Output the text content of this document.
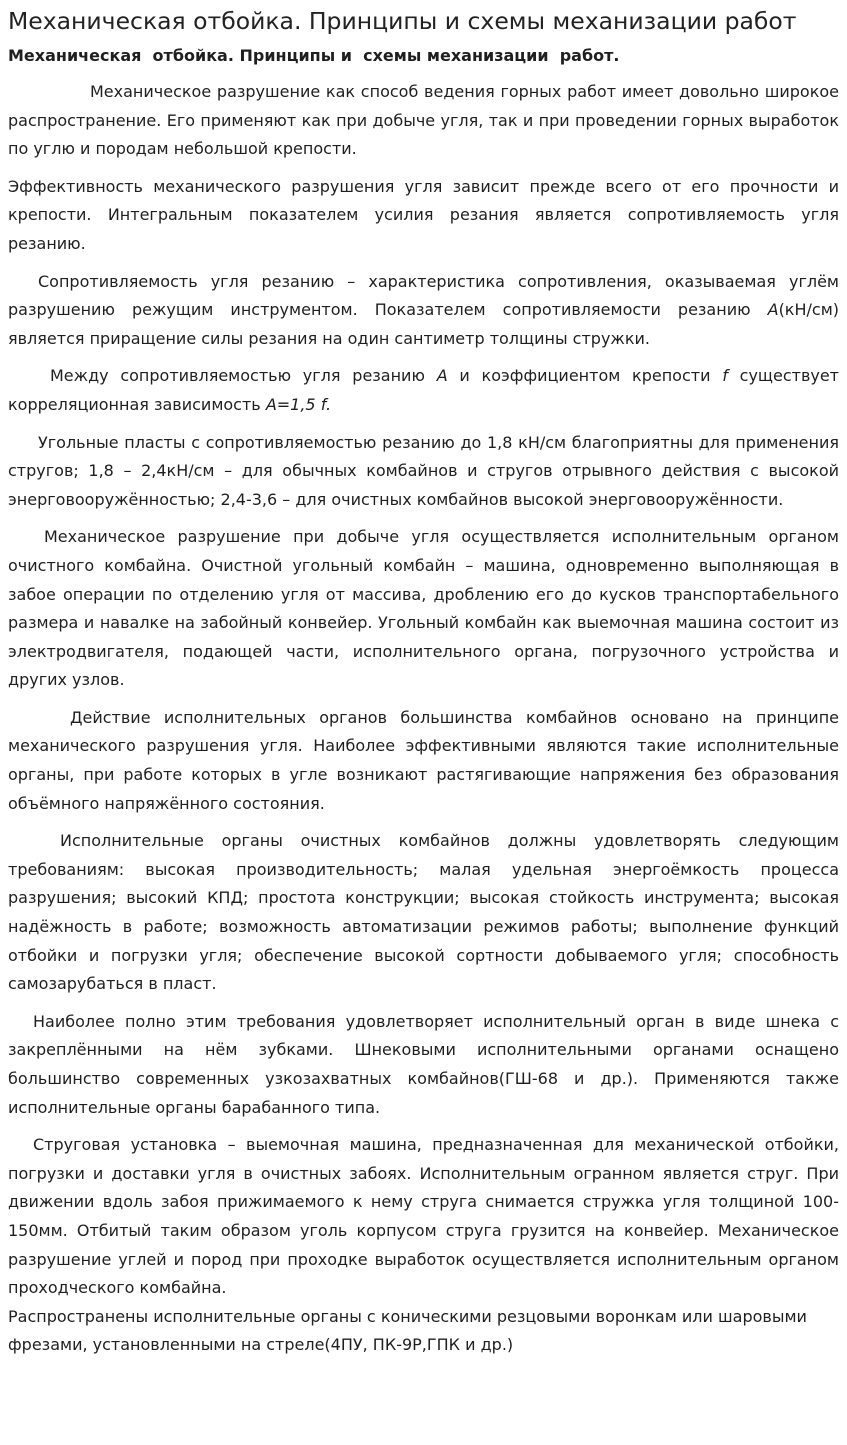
Механическая отбойка. Принципы и схемы механизации работ
Механическая  отбойка. Принципы и  схемы механизации  работ.

Механическое разрушение как способ ведения горных работ имеет довольно широкое распространение. Его применяют как при добыче угля, так и при проведении горных выработок по углю и породам небольшой крепости.

Эффективность механического разрушения угля зависит прежде всего от его прочности и крепости. Интегральным показателем усилия резания является сопротивляемость угля резанию.

Сопротивляемость угля резанию – характеристика сопротивления, оказываемая углём разрушению режущим инструментом. Показателем сопротивляемости резанию А(кН/см) является приращение силы резания на один сантиметр толщины стружки.

Между сопротивляемостью угля резанию А и коэффициентом крепости f существует корреляционная зависимость A=1,5 f.

Угольные пласты с сопротивляемостью резанию до 1,8 кН/см благоприятны для применения стругов; 1,8 – 2,4кН/см – для обычных комбайнов и стругов отрывного действия с высокой энерговооружённостью; 2,4-3,6 – для очистных комбайнов высокой энерговооружённости.

Механическое разрушение при добыче угля осуществляется исполнительным органом очистного комбайна. Очистной угольный комбайн – машина, одновременно выполняющая в забое операции по отделению угля от массива, дроблению его до кусков транспортабельного размера и навалке на забойный конвейер. Угольный комбайн как выемочная машина состоит из электродвигателя, подающей части, исполнительного органа, погрузочного устройства и других узлов.

Действие исполнительных органов большинства комбайнов основано на принципе механического разрушения угля. Наиболее эффективными являются такие исполнительные органы, при работе которых в угле возникают растягивающие напряжения без образования объёмного напряжённого состояния.

Исполнительные органы очистных комбайнов должны удовлетворять следующим требованиям: высокая производительность; малая удельная энергоёмкость процесса разрушения; высокий КПД; простота конструкции; высокая стойкость инструмента; высокая надёжность в работе; возможность автоматизации режимов работы; выполнение функций отбойки и погрузки угля; обеспечение высокой сортности добываемого угля; способность самозарубаться в пласт.

Наиболее полно этим требования удовлетворяет исполнительный орган в виде шнека с закреплёнными на нём зубками. Шнековыми исполнительными органами оснащено большинство современных узкозахватных комбайнов(ГШ-68 и др.). Применяются также исполнительные органы барабанного типа.

Струговая установка – выемочная машина, предназначенная для механической отбойки, погрузки и доставки угля в очистных забоях. Исполнительным огранном является струг. При движении вдоль забоя прижимаемого к нему струга снимается стружка угля толщиной 100-150мм. Отбитый таким образом уголь корпусом струга грузится на конвейер. Механическое разрушение углей и пород при проходке выработок осуществляется исполнительным органом проходческого комбайна.

Распространены исполнительные органы с коническими резцовыми воронкам или шаровыми фрезами, установленными на стреле(4ПУ, ПК-9Р,ГПК и др.)
